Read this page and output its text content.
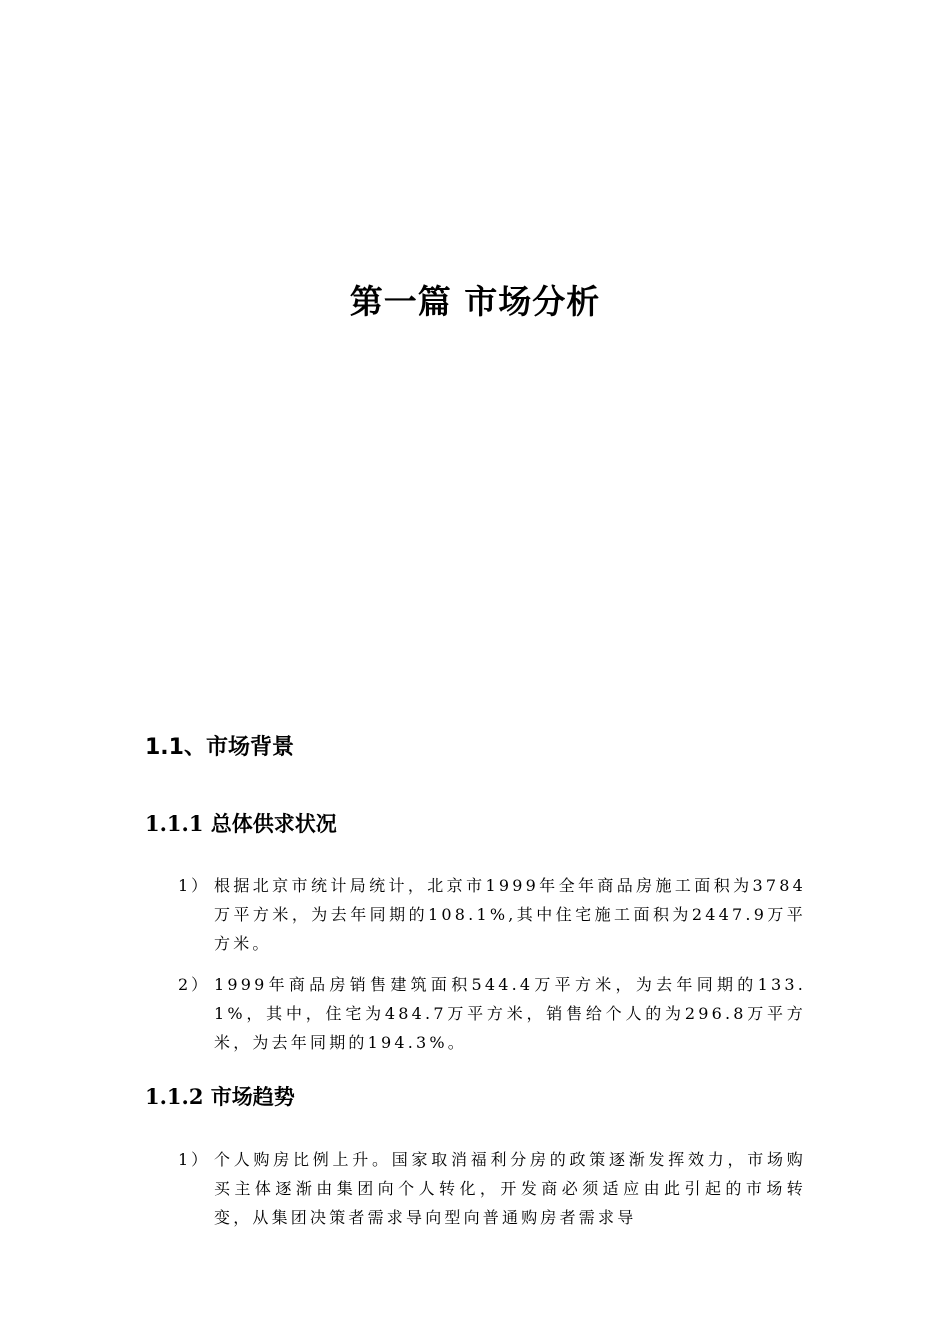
第一篇 市场分析
1.1、市场背景
1.1.1 总体供求状况
1） 根据北京市统计局统计，北京市1999年全年商品房施工面积为3784万平方米，为去年同期的108.1%,其中住宅施工面积为2447.9万平方米。
2） 1999年商品房销售建筑面积544.4万平方米，为去年同期的133.1%，其中，住宅为484.7万平方米，销售给个人的为296.8万平方米，为去年同期的194.3%。
1.1.2 市场趋势
1） 个人购房比例上升。国家取消福利分房的政策逐渐发挥效力，市场购买主体逐渐由集团向个人转化，开发商必须适应由此引起的市场转变，从集团决策者需求导向型向普通购房者需求导
